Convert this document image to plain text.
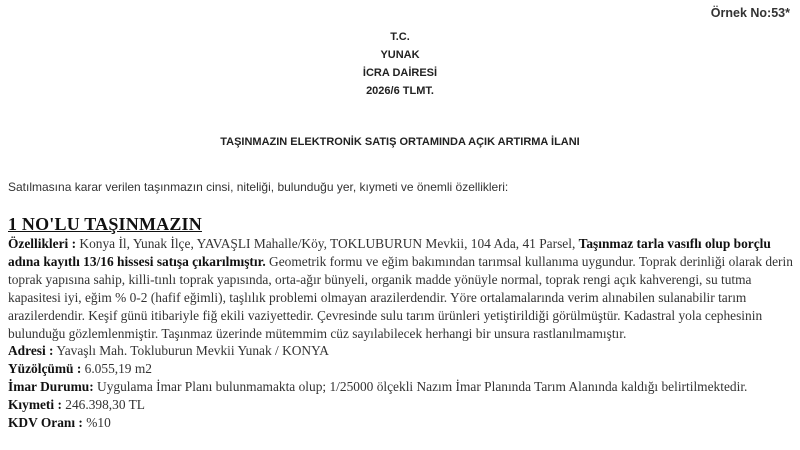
Örnek No:53*
T.C.
YUNAK
İCRA DAİRESİ
2026/6 TLMT.
TAŞINMAZIN ELEKTRONİK SATIŞ ORTAMINDA AÇIK ARTIRMA İLANI
Satılmasına karar verilen taşınmazın cinsi, niteliği, bulunduğu yer, kıymeti ve önemli özellikleri:
1 NO'LU TAŞINMAZIN

Özellikleri : Konya İl, Yunak İlçe, YAVAŞLI Mahalle/Köy, TOKLUBURUN Mevkii, 104 Ada, 41 Parsel, Taşınmaz tarla vasıflı olup borçlu adına kayıtlı 13/16 hissesi satışa çıkarılmıştır. Geometrik formu ve eğim bakımından tarımsal kullanıma uygundur. Toprak derinliği olarak derin toprak yapısına sahip, killi-tınlı toprak yapısında, orta-ağır bünyeli, organik madde yönüyle normal, toprak rengi açık kahverengi, su tutma kapasitesi iyi, eğim % 0-2 (hafif eğimli), taşlılık problemi olmayan arazilerdendir. Yöre ortalamalarında verim alınabilen sulanabilir tarım arazilerdendir. Keşif günü itibariyle fiğ ekili vaziyettedir. Çevresinde sulu tarım ürünleri yetiştirildiği görülmüştür. Kadastral yola cephesinin bulunduğu gözlemlenmiştir. Taşınmaz üzerinde mütemmim cüz sayılabilecek herhangi bir unsura rastlanılmamıştır.

Adresi : Yavaşlı Mah. Tokluburun Mevkii Yunak / KONYA

Yüzölçümü : 6.055,19 m2

İmar Durumu: Uygulama İmar Planı bulunmamakta olup; 1/25000 ölçekli Nazım İmar Planında Tarım Alanında kaldığı belirtilmektedir.

Kıymeti : 246.398,30 TL

KDV Oranı : %10
